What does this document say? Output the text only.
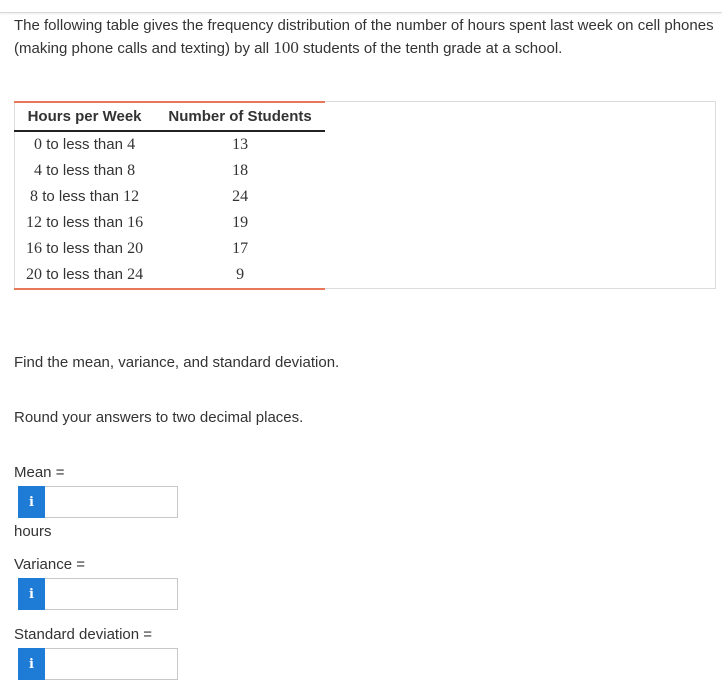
The following table gives the frequency distribution of the number of hours spent last week on cell phones (making phone calls and texting) by all 100 students of the tenth grade at a school.
Hours per Week	Number of Students
0 to less than 4	13
4 to less than 8	18
8 to less than 12	24
12 to less than 16	19
16 to less than 20	17
20 to less than 24	9
Find the mean, variance, and standard deviation.
Round your answers to two decimal places.
Mean =
i
hours
Variance =
i
Standard deviation =
i
